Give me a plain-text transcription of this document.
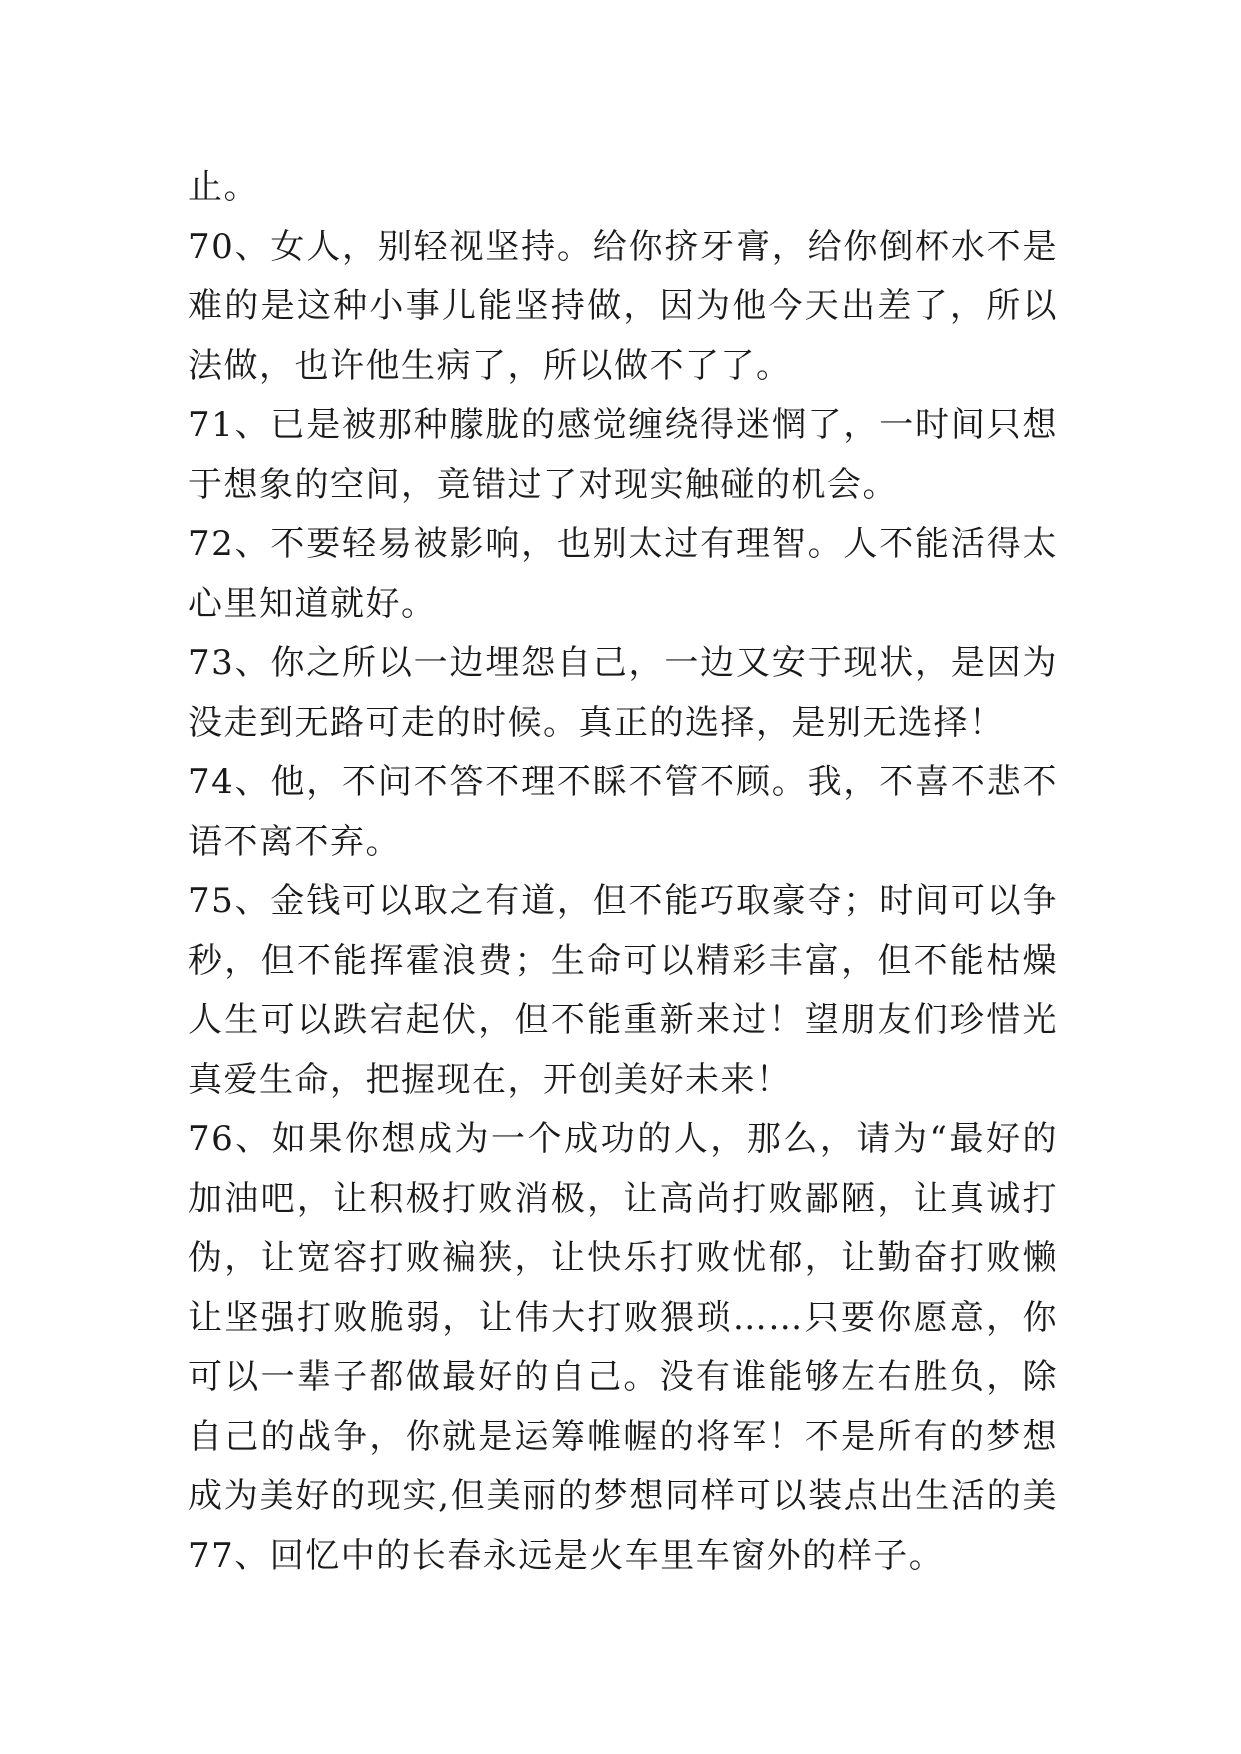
止。
70、女人，别轻视坚持。给你挤牙膏，给你倒杯水不是
难的是这种小事儿能坚持做，因为他今天出差了，所以
法做，也许他生病了，所以做不了了。
71、已是被那种朦胧的感觉缠绕得迷惘了，一时间只想
于想象的空间，竟错过了对现实触碰的机会。
72、不要轻易被影响，也别太过有理智。人不能活得太
心里知道就好。
73、你之所以一边埋怨自己，一边又安于现状，是因为
没走到无路可走的时候。真正的选择，是别无选择！
74、他，不问不答不理不睬不管不顾。我，不喜不悲不
语不离不弃。
75、金钱可以取之有道，但不能巧取豪夺；时间可以争
秒，但不能挥霍浪费；生命可以精彩丰富，但不能枯燥
人生可以跌宕起伏，但不能重新来过！望朋友们珍惜光
真爱生命，把握现在，开创美好未来！
76、如果你想成为一个成功的人，那么，请为“最好的
加油吧，让积极打败消极，让高尚打败鄙陋，让真诚打
伪，让宽容打败褊狭，让快乐打败忧郁，让勤奋打败懒
让坚强打败脆弱，让伟大打败猥琐……只要你愿意，你
可以一辈子都做最好的自己。没有谁能够左右胜负，除
自己的战争，你就是运筹帷幄的将军！不是所有的梦想
成为美好的现实,但美丽的梦想同样可以装点出生活的美
77、回忆中的长春永远是火车里车窗外的样子。
